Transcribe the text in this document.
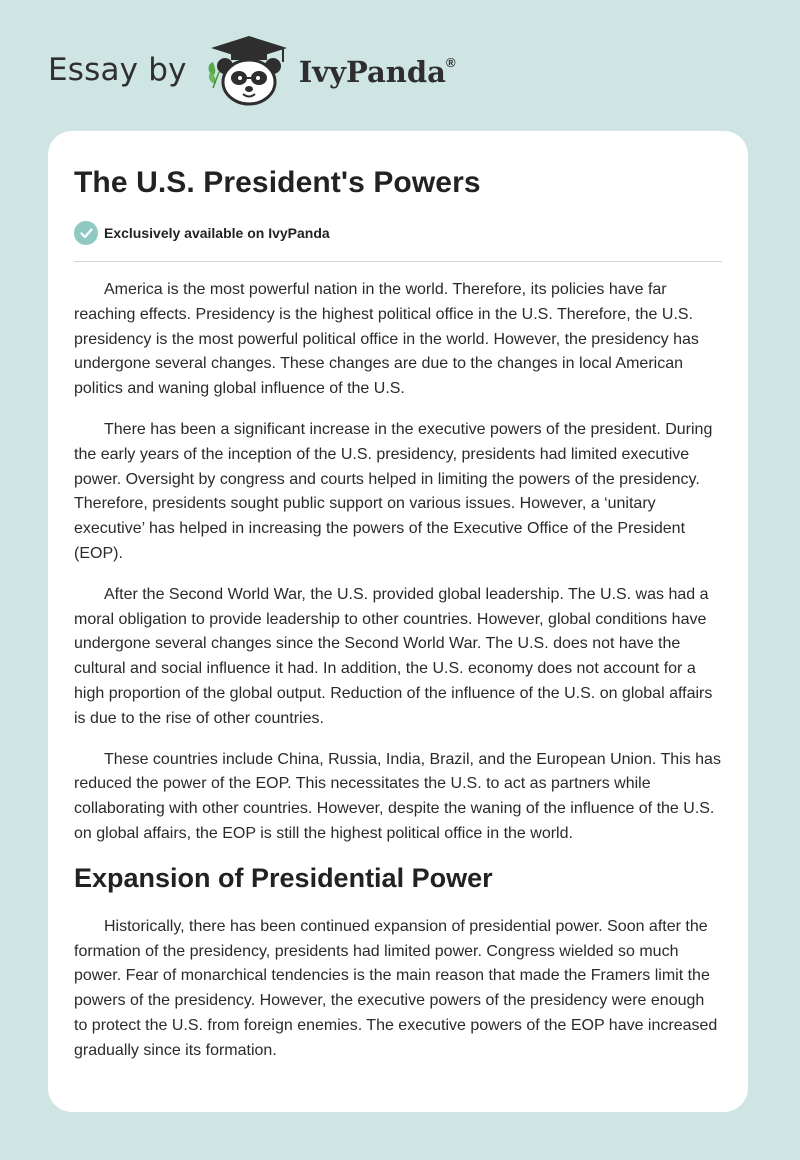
Essay by	IvyPanda®
The U.S. President's Powers
Exclusively available on IvyPanda

America is the most powerful nation in the world. Therefore, its policies have far reaching effects. Presidency is the highest political office in the U.S. Therefore, the U.S. presidency is the most powerful political office in the world. However, the presidency has undergone several changes. These changes are due to the changes in local American politics and waning global influence of the U.S.

There has been a significant increase in the executive powers of the president. During the early years of the inception of the U.S. presidency, presidents had limited executive power. Oversight by congress and courts helped in limiting the powers of the presidency. Therefore, presidents sought public support on various issues. However, a ‘unitary executive’ has helped in increasing the powers of the Executive Office of the President (EOP).

After the Second World War, the U.S. provided global leadership. The U.S. was had a moral obligation to provide leadership to other countries. However, global conditions have undergone several changes since the Second World War. The U.S. does not have the cultural and social influence it had. In addition, the U.S. economy does not account for a high proportion of the global output. Reduction of the influence of the U.S. on global affairs is due to the rise of other countries.

These countries include China, Russia, India, Brazil, and the European Union. This has reduced the power of the EOP. This necessitates the U.S. to act as partners while collaborating with other countries. However, despite the waning of the influence of the U.S. on global affairs, the EOP is still the highest political office in the world.

Expansion of Presidential Power

Historically, there has been continued expansion of presidential power. Soon after the formation of the presidency, presidents had limited power. Congress wielded so much power. Fear of monarchical tendencies is the main reason that made the Framers limit the powers of the presidency. However, the executive powers of the presidency were enough to protect the U.S. from foreign enemies. The executive powers of the EOP have increased gradually since its formation.
